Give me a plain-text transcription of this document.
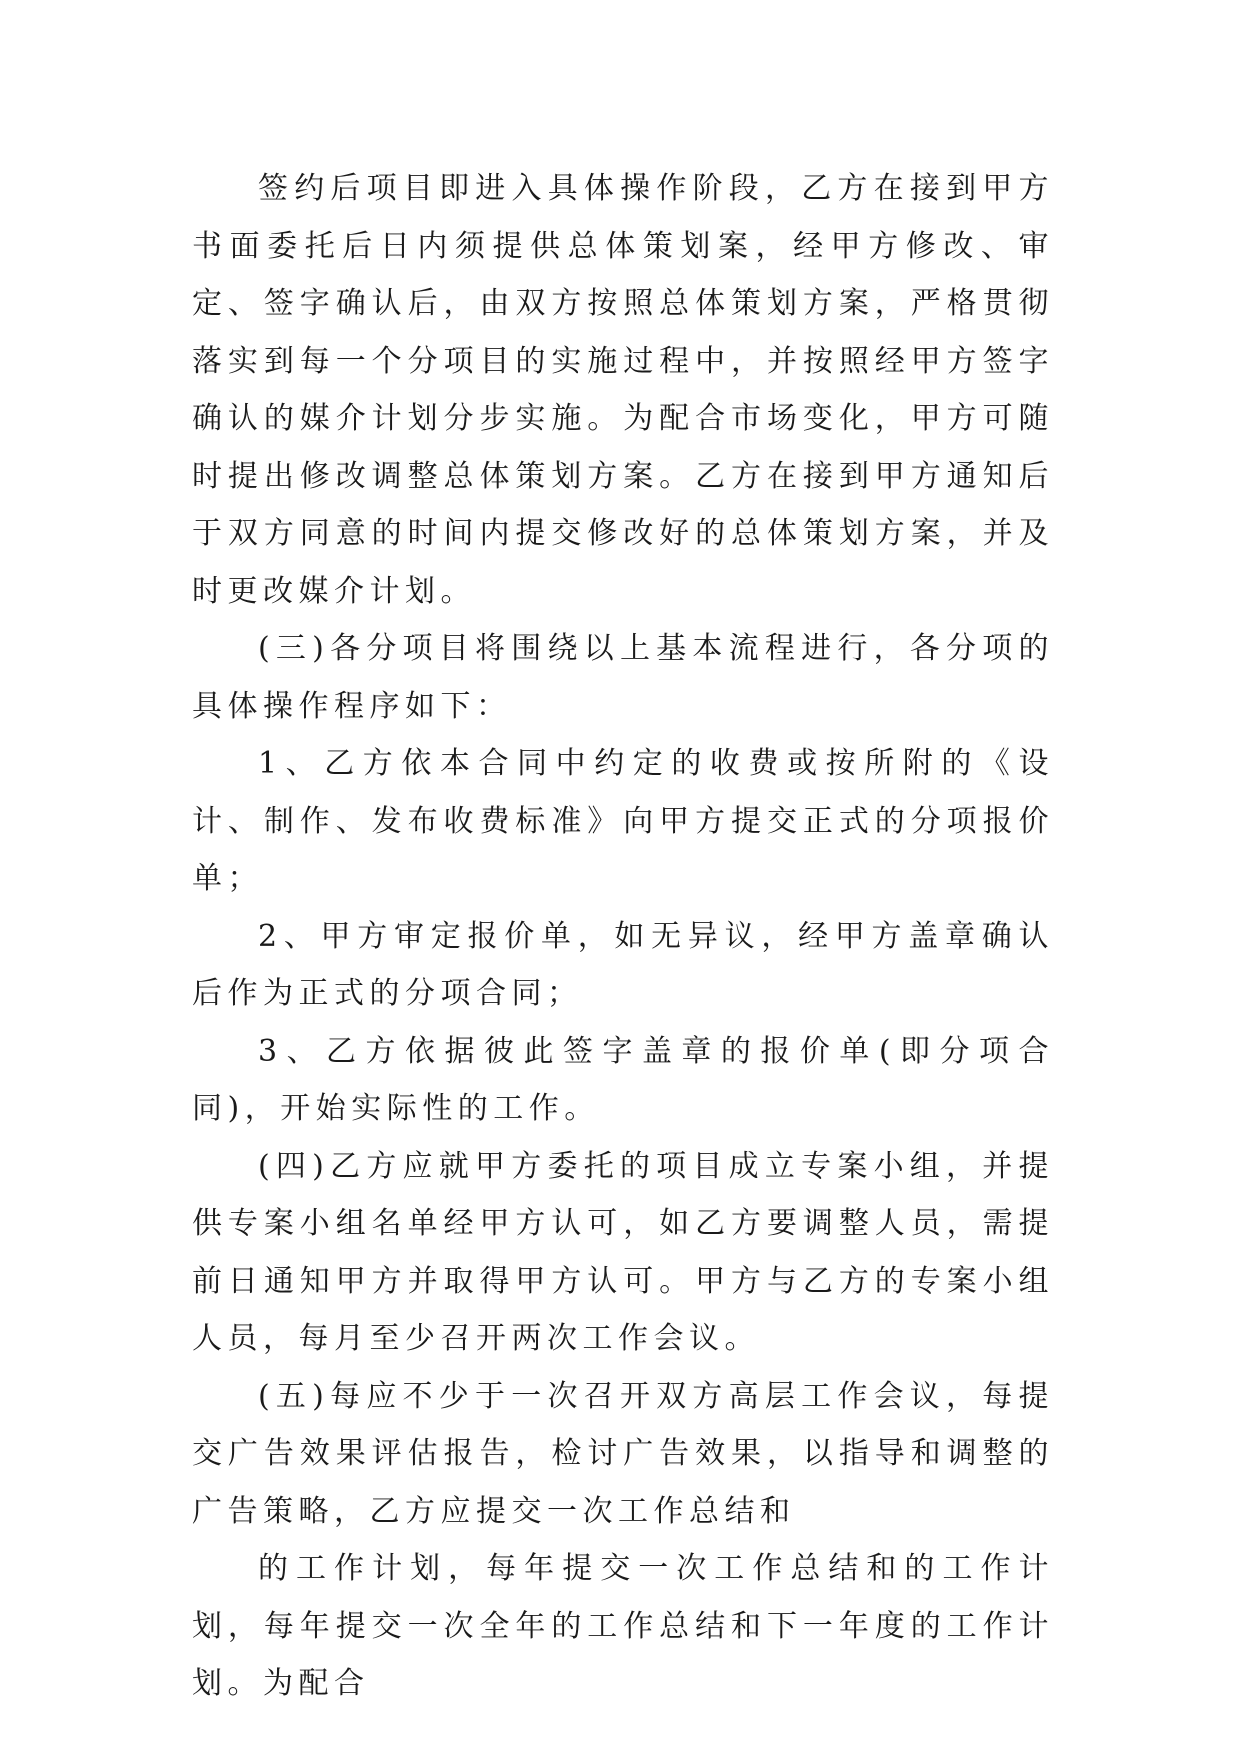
签约后项目即进入具体操作阶段，乙方在接到甲方书面委托后日内须提供总体策划案，经甲方修改、审定、签字确认后，由双方按照总体策划方案，严格贯彻落实到每一个分项目的实施过程中，并按照经甲方签字确认的媒介计划分步实施。为配合市场变化，甲方可随时提出修改调整总体策划方案。乙方在接到甲方通知后于双方同意的时间内提交修改好的总体策划方案，并及时更改媒介计划。

(三)各分项目将围绕以上基本流程进行，各分项的具体操作程序如下：

1、乙方依本合同中约定的收费或按所附的《设计、制作、发布收费标准》向甲方提交正式的分项报价单；

2、甲方审定报价单，如无异议，经甲方盖章确认后作为正式的分项合同；

3、乙方依据彼此签字盖章的报价单(即分项合同)，开始实际性的工作。

(四)乙方应就甲方委托的项目成立专案小组，并提供专案小组名单经甲方认可，如乙方要调整人员，需提前日通知甲方并取得甲方认可。甲方与乙方的专案小组人员，每月至少召开两次工作会议。

(五)每应不少于一次召开双方高层工作会议，每提交广告效果评估报告，检讨广告效果，以指导和调整的广告策略，乙方应提交一次工作总结和

的工作计划，每年提交一次工作总结和的工作计划，每年提交一次全年的工作总结和下一年度的工作计划。为配合
